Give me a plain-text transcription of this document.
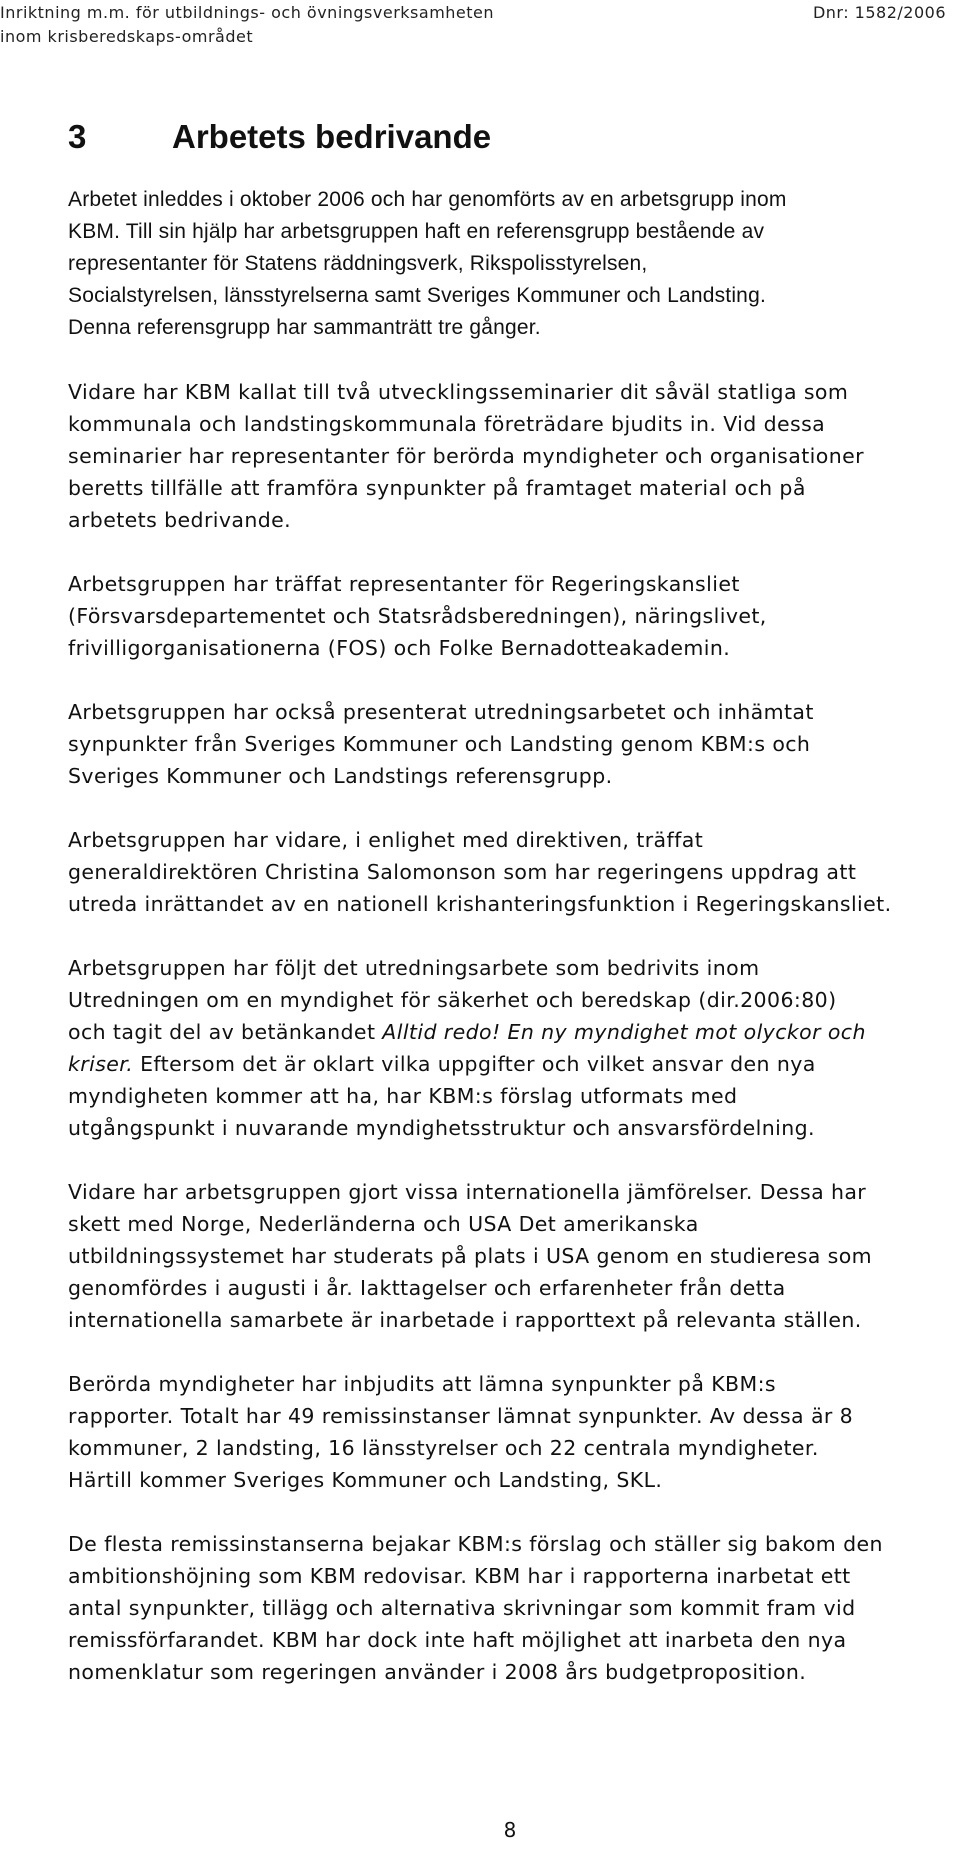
Inriktning m.m. för utbildnings- och övningsverksamheten
inom krisberedskaps-området
Dnr: 1582/2006
3	Arbetets bedrivande

Arbetet inleddes i oktober 2006 och har genomförts av en arbetsgrupp inom
KBM. Till sin hjälp har arbetsgruppen haft en referensgrupp bestående av
representanter för Statens räddningsverk, Rikspolisstyrelsen,
Socialstyrelsen, länsstyrelserna samt Sveriges Kommuner och Landsting.
Denna referensgrupp har sammanträtt tre gånger.

Vidare har KBM kallat till två utvecklingsseminarier dit såväl statliga som
kommunala och landstingskommunala företrädare bjudits in. Vid dessa
seminarier har representanter för berörda myndigheter och organisationer
beretts tillfälle att framföra synpunkter på framtaget material och på
arbetets bedrivande.

Arbetsgruppen har träffat representanter för Regeringskansliet
(Försvarsdepartementet och Statsrådsberedningen), näringslivet,
frivilligorganisationerna (FOS) och Folke Bernadotteakademin.

Arbetsgruppen har också presenterat utredningsarbetet och inhämtat
synpunkter från Sveriges Kommuner och Landsting genom KBM:s och
Sveriges Kommuner och Landstings referensgrupp.

Arbetsgruppen har vidare, i enlighet med direktiven, träffat
generaldirektören Christina Salomonson som har regeringens uppdrag att
utreda inrättandet av en nationell krishanteringsfunktion i Regeringskansliet.

Arbetsgruppen har följt det utredningsarbete som bedrivits inom
Utredningen om en myndighet för säkerhet och beredskap (dir.2006:80)
och tagit del av betänkandet Alltid redo! En ny myndighet mot olyckor och
kriser. Eftersom det är oklart vilka uppgifter och vilket ansvar den nya
myndigheten kommer att ha, har KBM:s förslag utformats med
utgångspunkt i nuvarande myndighetsstruktur och ansvarsfördelning.

Vidare har arbetsgruppen gjort vissa internationella jämförelser. Dessa har
skett med Norge, Nederländerna och USA Det amerikanska
utbildningssystemet har studerats på plats i USA genom en studieresa som
genomfördes i augusti i år. Iakttagelser och erfarenheter från detta
internationella samarbete är inarbetade i rapporttext på relevanta ställen.

Berörda myndigheter har inbjudits att lämna synpunkter på KBM:s
rapporter. Totalt har 49 remissinstanser lämnat synpunkter. Av dessa är 8
kommuner, 2 landsting, 16 länsstyrelser och 22 centrala myndigheter.
Härtill kommer Sveriges Kommuner och Landsting, SKL.

De flesta remissinstanserna bejakar KBM:s förslag och ställer sig bakom den
ambitionshöjning som KBM redovisar. KBM har i rapporterna inarbetat ett
antal synpunkter, tillägg och alternativa skrivningar som kommit fram vid
remissförfarandet. KBM har dock inte haft möjlighet att inarbeta den nya
nomenklatur som regeringen använder i 2008 års budgetproposition.

8
